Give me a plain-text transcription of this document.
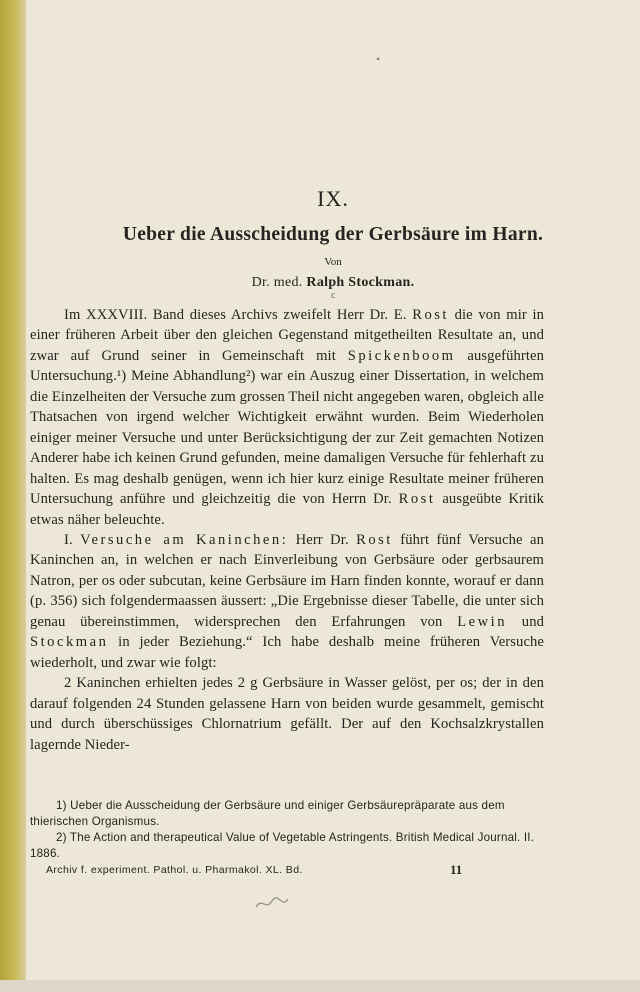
•
IX.
Ueber die Ausscheidung der Gerbsäure im Harn.
Von
Dr. med. Ralph Stockman.
c

Im XXXVIII. Band dieses Archivs zweifelt Herr Dr. E. Rost die von mir in einer früheren Arbeit über den gleichen Gegenstand mitgetheilten Resultate an, und zwar auf Grund seiner in Gemeinschaft mit Spickenboom ausgeführten Untersuchung.¹) Meine Abhandlung²) war ein Auszug einer Dissertation, in welchem die Einzelheiten der Versuche zum grossen Theil nicht angegeben waren, obgleich alle Thatsachen von irgend welcher Wichtigkeit erwähnt wurden. Beim Wiederholen einiger meiner Versuche und unter Berücksichtigung der zur Zeit gemachten Notizen Anderer habe ich keinen Grund gefunden, meine damaligen Versuche für fehlerhaft zu halten. Es mag deshalb genügen, wenn ich hier kurz einige Resultate meiner früheren Untersuchung anführe und gleichzeitig die von Herrn Dr. Rost ausgeübte Kritik etwas näher beleuchte.

I. Versuche am Kaninchen: Herr Dr. Rost führt fünf Versuche an Kaninchen an, in welchen er nach Einverleibung von Gerbsäure oder gerbsaurem Natron, per os oder subcutan, keine Gerbsäure im Harn finden konnte, worauf er dann (p. 356) sich folgendermaassen äussert: „Die Ergebnisse dieser Tabelle, die unter sich genau übereinstimmen, widersprechen den Erfahrungen von Lewin und Stockman in jeder Beziehung.“ Ich habe deshalb meine früheren Versuche wiederholt, und zwar wie folgt:

2 Kaninchen erhielten jedes 2 g Gerbsäure in Wasser gelöst, per os; der in den darauf folgenden 24 Stunden gelassene Harn von beiden wurde gesammelt, gemischt und durch überschüssiges Chlornatrium gefällt. Der auf den Kochsalzkrystallen lagernde Nieder-

1) Ueber die Ausscheidung der Gerbsäure und einiger Gerbsäurepräparate aus dem thierischen Organismus.

2) The Action and therapeutical Value of Vegetable Astringents. British Medical Journal. II. 1886.

Archiv f. experiment. Pathol. u. Pharmakol. XL. Bd.	11
